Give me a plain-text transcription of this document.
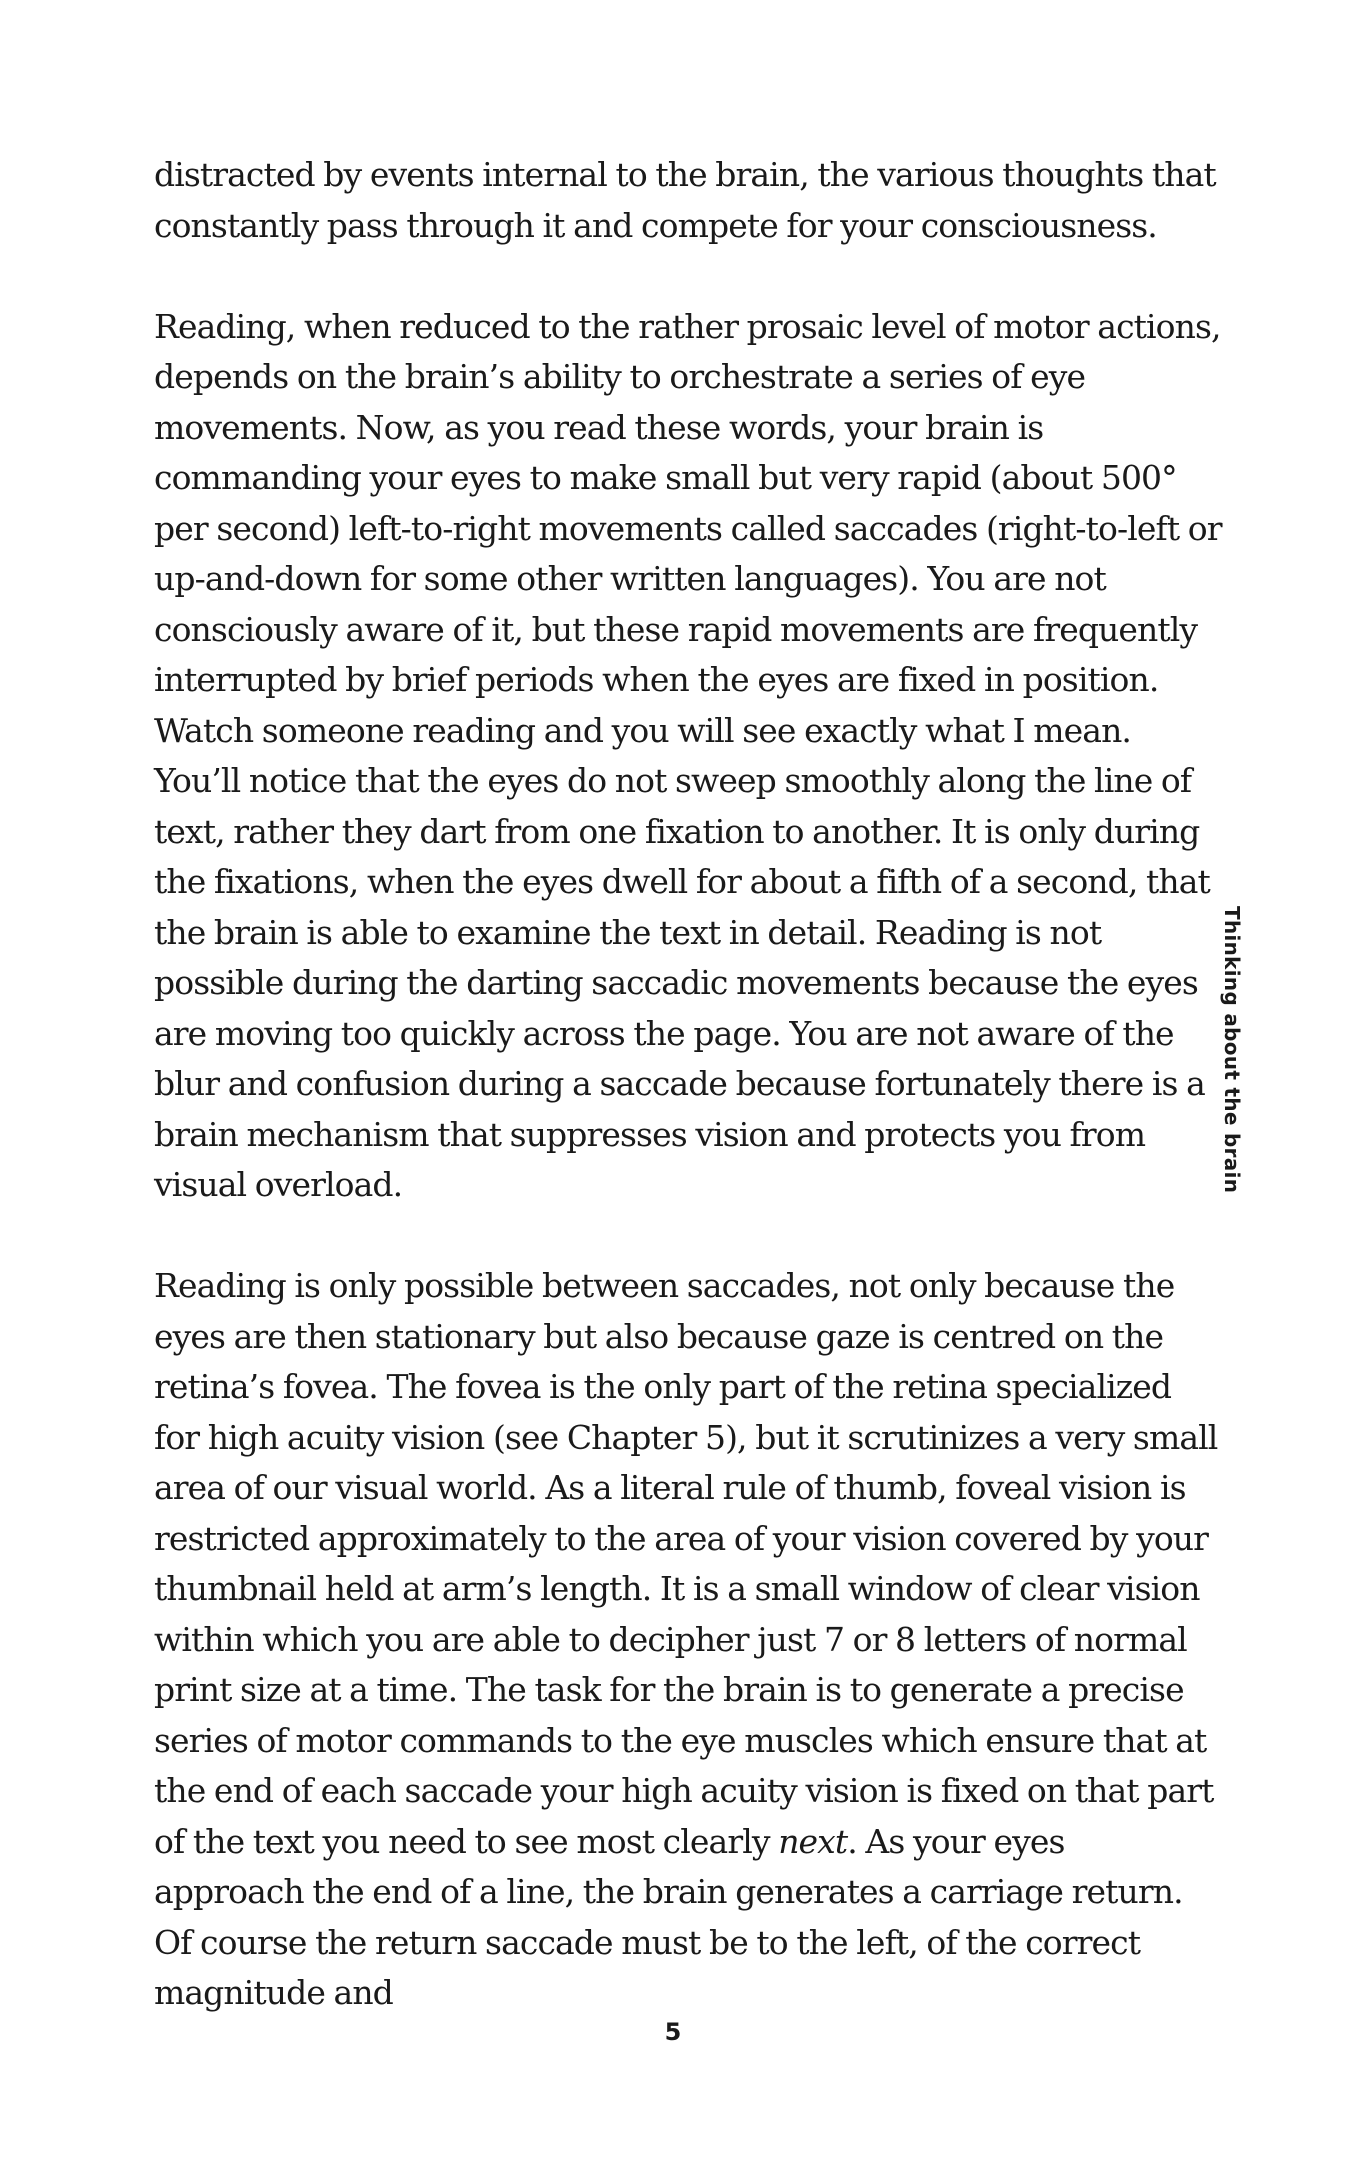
distracted by events internal to the brain, the various thoughts that constantly pass through it and compete for your consciousness.

Reading, when reduced to the rather prosaic level of motor actions, depends on the brain’s ability to orchestrate a series of eye movements. Now, as you read these words, your brain is commanding your eyes to make small but very rapid (about 500° per second) left-to-right movements called saccades (right-to-left or up-and-down for some other written languages). You are not consciously aware of it, but these rapid movements are frequently interrupted by brief periods when the eyes are fixed in position. Watch someone reading and you will see exactly what I mean. You’ll notice that the eyes do not sweep smoothly along the line of text, rather they dart from one fixation to another. It is only during the fixations, when the eyes dwell for about a fifth of a second, that the brain is able to examine the text in detail. Reading is not possible during the darting saccadic movements because the eyes are moving too quickly across the page. You are not aware of the blur and confusion during a saccade because fortunately there is a brain mechanism that suppresses vision and protects you from visual overload.

Reading is only possible between saccades, not only because the eyes are then stationary but also because gaze is centred on the retina’s fovea. The fovea is the only part of the retina specialized for high acuity vision (see Chapter 5), but it scrutinizes a very small area of our visual world. As a literal rule of thumb, foveal vision is restricted approximately to the area of your vision covered by your thumbnail held at arm’s length. It is a small window of clear vision within which you are able to decipher just 7 or 8 letters of normal print size at a time. The task for the brain is to generate a precise series of motor commands to the eye muscles which ensure that at the end of each saccade your high acuity vision is fixed on that part of the text you need to see most clearly next. As your eyes approach the end of a line, the brain generates a carriage return. Of course the return saccade must be to the left, of the correct magnitude and

Thinking about the brain
5
